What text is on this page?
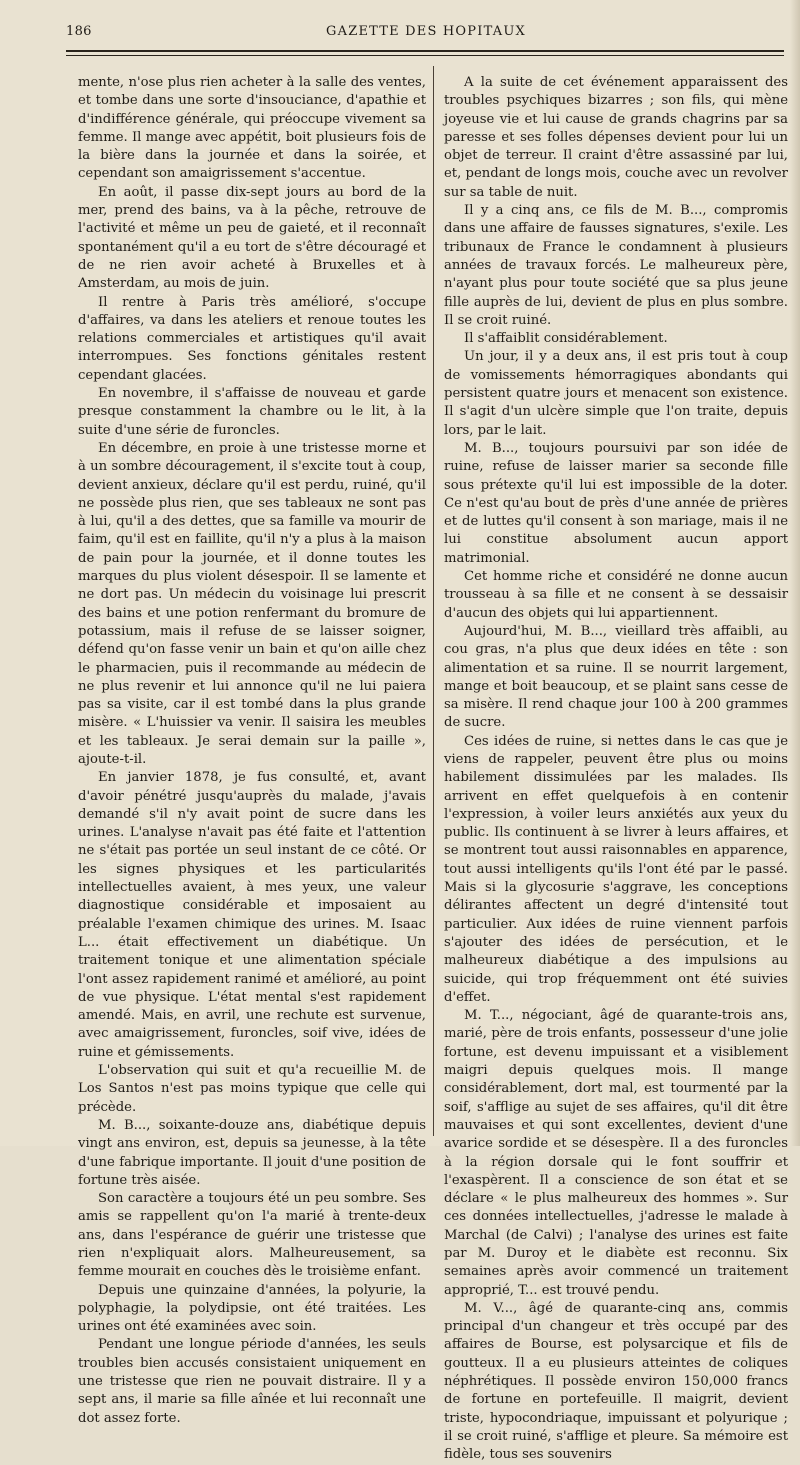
186	GAZETTE DES HOPITAUX

mente, n'ose plus rien acheter à la salle des ventes, et tombe dans une sorte d'insouciance, d'apathie et d'indifférence générale, qui préoccupe vivement sa femme. Il mange avec appétit, boit plusieurs fois de la bière dans la journée et dans la soirée, et cependant son amaigrissement s'accentue.

En août, il passe dix-sept jours au bord de la mer, prend des bains, va à la pêche, retrouve de l'activité et même un peu de gaieté, et il reconnaît spontanément qu'il a eu tort de s'être découragé et de ne rien avoir acheté à Bruxelles et à Amsterdam, au mois de juin.

Il rentre à Paris très amélioré, s'occupe d'affaires, va dans les ateliers et renoue toutes les relations commerciales et artistiques qu'il avait interrompues. Ses fonctions génitales restent cependant glacées.

En novembre, il s'affaisse de nouveau et garde presque constamment la chambre ou le lit, à la suite d'une série de furoncles.

En décembre, en proie à une tristesse morne et à un sombre découragement, il s'excite tout à coup, devient anxieux, déclare qu'il est perdu, ruiné, qu'il ne possède plus rien, que ses tableaux ne sont pas à lui, qu'il a des dettes, que sa famille va mourir de faim, qu'il est en faillite, qu'il n'y a plus à la maison de pain pour la journée, et il donne toutes les marques du plus violent désespoir. Il se lamente et ne dort pas. Un médecin du voisinage lui prescrit des bains et une potion renfermant du bromure de potassium, mais il refuse de se laisser soigner, défend qu'on fasse venir un bain et qu'on aille chez le pharmacien, puis il recommande au médecin de ne plus revenir et lui annonce qu'il ne lui paiera pas sa visite, car il est tombé dans la plus grande misère. « L'huissier va venir. Il saisira les meubles et les tableaux. Je serai demain sur la paille », ajoute-t-il.

En janvier 1878, je fus consulté, et, avant d'avoir pénétré jusqu'auprès du malade, j'avais demandé s'il n'y avait point de sucre dans les urines. L'analyse n'avait pas été faite et l'attention ne s'était pas portée un seul instant de ce côté. Or les signes physiques et les particularités intellectuelles avaient, à mes yeux, une valeur diagnostique considérable et imposaient au préalable l'examen chimique des urines. M. Isaac L... était effectivement un diabétique. Un traitement tonique et une alimentation spéciale l'ont assez rapidement ranimé et amélioré, au point de vue physique. L'état mental s'est rapidement amendé. Mais, en avril, une rechute est survenue, avec amaigrissement, furoncles, soif vive, idées de ruine et gémissements.

L'observation qui suit et qu'a recueillie M. de Los Santos n'est pas moins typique que celle qui précède.

M. B..., soixante-douze ans, diabétique depuis vingt ans environ, est, depuis sa jeunesse, à la tête d'une fabrique importante. Il jouit d'une position de fortune très aisée.

Son caractère a toujours été un peu sombre. Ses amis se rappellent qu'on l'a marié à trente-deux ans, dans l'espérance de guérir une tristesse que rien n'expliquait alors. Malheureusement, sa femme mourait en couches dès le troisième enfant.

Depuis une quinzaine d'années, la polyurie, la polyphagie, la polydipsie, ont été traitées. Les urines ont été examinées avec soin.

Pendant une longue période d'années, les seuls troubles bien accusés consistaient uniquement en une tristesse que rien ne pouvait distraire. Il y a sept ans, il marie sa fille aînée et lui reconnaît une dot assez forte.

A la suite de cet événement apparaissent des troubles psychiques bizarres ; son fils, qui mène joyeuse vie et lui cause de grands chagrins par sa paresse et ses folles dépenses devient pour lui un objet de terreur. Il craint d'être assassiné par lui, et, pendant de longs mois, couche avec un revolver sur sa table de nuit.

Il y a cinq ans, ce fils de M. B..., compromis dans une affaire de fausses signatures, s'exile. Les tribunaux de France le condamnent à plusieurs années de travaux forcés. Le malheureux père, n'ayant plus pour toute société que sa plus jeune fille auprès de lui, devient de plus en plus sombre. Il se croit ruiné.

Il s'affaiblit considérablement.

Un jour, il y a deux ans, il est pris tout à coup de vomissements hémorragiques abondants qui persistent quatre jours et menacent son existence. Il s'agit d'un ulcère simple que l'on traite, depuis lors, par le lait.

M. B..., toujours poursuivi par son idée de ruine, refuse de laisser marier sa seconde fille sous prétexte qu'il lui est impossible de la doter. Ce n'est qu'au bout de près d'une année de prières et de luttes qu'il consent à son mariage, mais il ne lui constitue absolument aucun apport matrimonial.

Cet homme riche et considéré ne donne aucun trousseau à sa fille et ne consent à se dessaisir d'aucun des objets qui lui appartiennent.

Aujourd'hui, M. B..., vieillard très affaibli, au cou gras, n'a plus que deux idées en tête : son alimentation et sa ruine. Il se nourrit largement, mange et boit beaucoup, et se plaint sans cesse de sa misère. Il rend chaque jour 100 à 200 grammes de sucre.

Ces idées de ruine, si nettes dans le cas que je viens de rappeler, peuvent être plus ou moins habilement dissimulées par les malades. Ils arrivent en effet quelquefois à en contenir l'expression, à voiler leurs anxiétés aux yeux du public. Ils continuent à se livrer à leurs affaires, et se montrent tout aussi raisonnables en apparence, tout aussi intelligents qu'ils l'ont été par le passé. Mais si la glycosurie s'aggrave, les conceptions délirantes affectent un degré d'intensité tout particulier. Aux idées de ruine viennent parfois s'ajouter des idées de persécution, et le malheureux diabétique a des impulsions au suicide, qui trop fréquemment ont été suivies d'effet.

M. T..., négociant, âgé de quarante-trois ans, marié, père de trois enfants, possesseur d'une jolie fortune, est devenu impuissant et a visiblement maigri depuis quelques mois. Il mange considérablement, dort mal, est tourmenté par la soif, s'afflige au sujet de ses affaires, qu'il dit être mauvaises et qui sont excellentes, devient d'une avarice sordide et se désespère. Il a des furoncles à la région dorsale qui le font souffrir et l'exaspèrent. Il a conscience de son état et se déclare « le plus malheureux des hommes ». Sur ces données intellectuelles, j'adresse le malade à Marchal (de Calvi) ; l'analyse des urines est faite par M. Duroy et le diabète est reconnu. Six semaines après avoir commencé un traitement approprié, T... est trouvé pendu.

M. V..., âgé de quarante-cinq ans, commis principal d'un changeur et très occupé par des affaires de Bourse, est polysarcique et fils de goutteux. Il a eu plusieurs atteintes de coliques néphrétiques. Il possède environ 150,000 francs de fortune en portefeuille. Il maigrit, devient triste, hypocondriaque, impuissant et polyurique ; il se croit ruiné, s'afflige et pleure. Sa mémoire est fidèle, tous ses souvenirs
